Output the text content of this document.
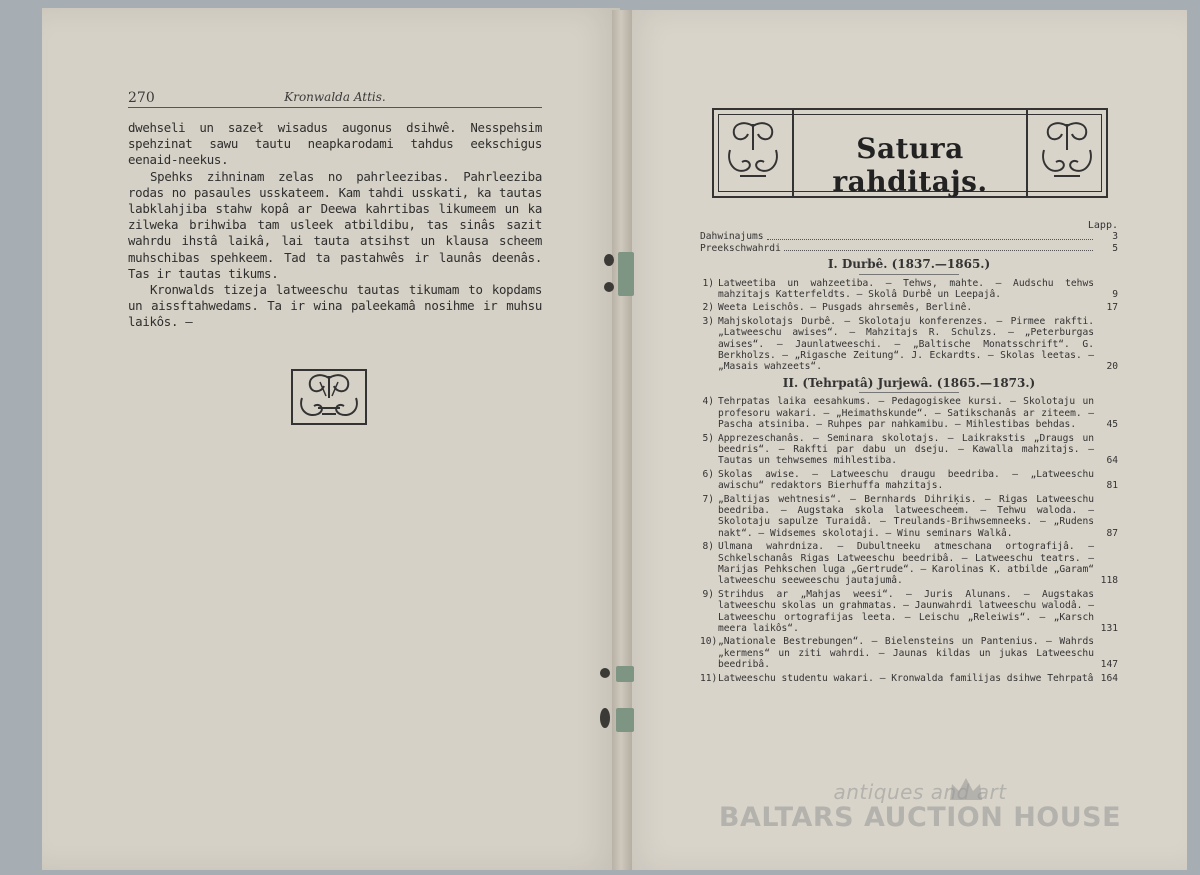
270	Kronwalda Attis.

dwehseli un sazeł wisadus augonus dsihwê. Nesspehsim spehzinat sawu tautu neapkarodami tahdus eekschigus eenaid-neekus.

Spehks zihninam zelas no pahrleezibas. Pahrleeziba rodas no pasaules usskateem. Kam tahdi usskati, ka tautas labklahjiba stahw kopâ ar Deewa kahrtibas likumeem un ka zilweka brihwiba tam usleek atbildibu, tas sinâs sazit wahrdu ihstâ laikâ, lai tauta atsihst un klausa scheem muhschibas spehkeem. Tad ta pastahwês ir launâs deenâs. Tas ir tautas tikums.

Kronwalds tizeja latweeschu tautas tikumam to kopdams un aissftahwedams. Ta ir wina paleekamâ nosihme ir muhsu laikôs. —

Satura rahditajs.
Lapp.
Dahwinajums	3
Preekschwahrdi	5
I. Durbê. (1837.—1865.)
1) Latweetiba un wahzeetiba. — Tehws, mahte. — Audschu tehws mahzitajs Katterfeldts. — Skolâ Durbê un Leepajâ.	9
2) Weeta Leischôs. — Pusgads ahrsemês, Berlinê.	17
3) Mahjskolotajs Durbê. — Skolotaju konferenzes. — Pirmee rakfti. „Latweeschu awises“. — Mahzitajs R. Schulzs. — „Peterburgas awises“. — Jaunlatweeschi. — „Baltische Monatsschrift“. G. Berkholzs. — „Rigasche Zeitung“. J. Eckardts. — Skolas leetas. — „Masais wahzeets“.	20
II. (Tehrpatâ) Jurjewâ. (1865.—1873.)
4) Tehrpatas laika eesahkums. — Pedagogiskee kursi. — Skolotaju un profesoru wakari. — „Heimathskunde“. — Satikschanâs ar ziteem. — Pascha atsiniba. — Ruhpes par nahkamibu. — Mihlestibas behdas.	45
5) Apprezeschanâs. — Seminara skolotajs. — Laikrakstis „Draugs un beedris“. — Rakfti par dabu un dseju. — Kawalla mahzitajs. — Tautas un tehwsemes mihlestiba.	64
6) Skolas awise. — Latweeschu draugu beedriba. — „Latweeschu awischu“ redaktors Bierhuffa mahzitajs.	81
7) „Baltijas wehtnesis“. — Bernhards Dihriķis. — Rigas Latweeschu beedriba. — Augstaka skola latweescheem. — Tehwu waloda. — Skolotaju sapulze Turaidâ. — Treulands-Brihwsemneeks. — „Rudens nakt“. — Widsemes skolotaji. — Winu seminars Walkâ.	87
8) Ulmana wahrdniza. — Dubultneeku atmeschana ortografijâ. — Schkelschanâs Rigas Latweeschu beedribâ. — Latweeschu teatrs. — Marijas Pehkschen luga „Gertrude“. — Karolinas K. atbilde „Garam“ latweeschu seeweeschu jautajumâ.	118
9) Strihdus ar „Mahjas weesi“. — Juris Alunans. — Augstakas latweeschu skolas un grahmatas. — Jaunwahrdi latweeschu walodâ. — Latweeschu ortografijas leeta. — Leischu „Releiwis“. — „Karsch meera laikôs“.	131
10) „Nationale Bestrebungen“. — Bielensteins un Pantenius. — Wahrds „kermens“ un ziti wahrdi. — Jaunas kildas un jukas Latweeschu beedribâ.	147
11) Latweeschu studentu wakari. — Kronwalda familijas dsihwe Tehrpatâ 164
antiques and art
BALTARS AUCTION HOUSE
